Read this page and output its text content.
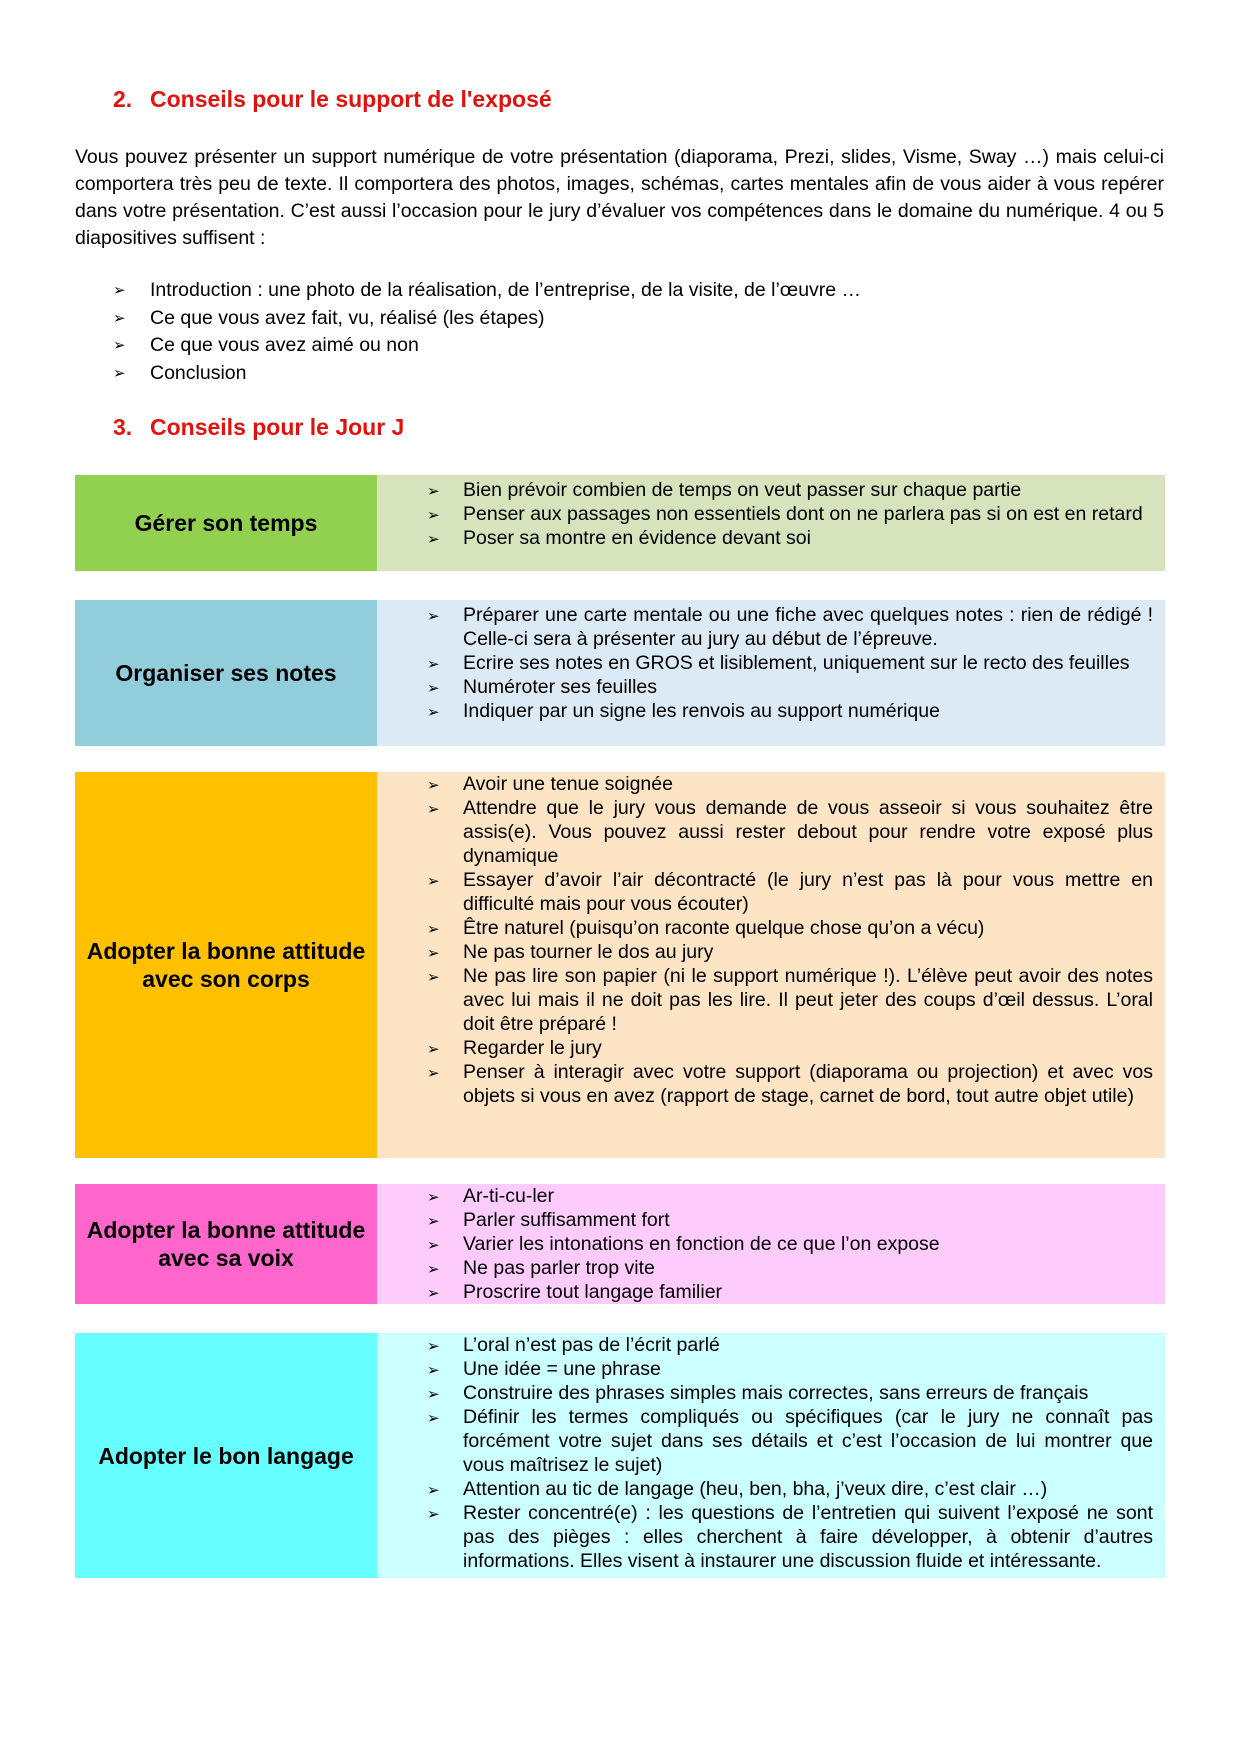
2. Conseils pour le support de l'exposé

Vous pouvez présenter un support numérique de votre présentation (diaporama, Prezi, slides, Visme, Sway …) mais celui-ci comportera très peu de texte. Il comportera des photos, images, schémas, cartes mentales afin de vous aider à vous repérer dans votre présentation. C’est aussi l’occasion pour le jury d’évaluer vos compétences dans le domaine du numérique. 4 ou 5 diapositives suffisent :

➢ Introduction : une photo de la réalisation, de l’entreprise, de la visite, de l’œuvre …
➢ Ce que vous avez fait, vu, réalisé (les étapes)
➢ Ce que vous avez aimé ou non
➢ Conclusion
3. Conseils pour le Jour J
Gérer son temps
➢ Bien prévoir combien de temps on veut passer sur chaque partie
➢ Penser aux passages non essentiels dont on ne parlera pas si on est en retard
➢ Poser sa montre en évidence devant soi
Organiser ses notes
➢ Préparer une carte mentale ou une fiche avec quelques notes : rien de rédigé ! Celle-ci sera à présenter au jury au début de l’épreuve.
➢ Ecrire ses notes en GROS et lisiblement, uniquement sur le recto des feuilles
➢ Numéroter ses feuilles
➢ Indiquer par un signe les renvois au support numérique
Adopter la bonne attitude avec son corps
➢ Avoir une tenue soignée
➢ Attendre que le jury vous demande de vous asseoir si vous souhaitez être assis(e). Vous pouvez aussi rester debout pour rendre votre exposé plus dynamique
➢ Essayer d’avoir l’air décontracté (le jury n’est pas là pour vous mettre en difficulté mais pour vous écouter)
➢ Être naturel (puisqu’on raconte quelque chose qu’on a vécu)
➢ Ne pas tourner le dos au jury
➢ Ne pas lire son papier (ni le support numérique !). L’élève peut avoir des notes avec lui mais il ne doit pas les lire. Il peut jeter des coups d’œil dessus. L’oral doit être préparé !
➢ Regarder le jury
➢ Penser à interagir avec votre support (diaporama ou projection) et avec vos objets si vous en avez (rapport de stage, carnet de bord, tout autre objet utile)
Adopter la bonne attitude avec sa voix
➢ Ar-ti-cu-ler
➢ Parler suffisamment fort
➢ Varier les intonations en fonction de ce que l’on expose
➢ Ne pas parler trop vite
➢ Proscrire tout langage familier
Adopter le bon langage
➢ L’oral n’est pas de l’écrit parlé
➢ Une idée = une phrase
➢ Construire des phrases simples mais correctes, sans erreurs de français
➢ Définir les termes compliqués ou spécifiques (car le jury ne connaît pas forcément votre sujet dans ses détails et c’est l’occasion de lui montrer que vous maîtrisez le sujet)
➢ Attention au tic de langage (heu, ben, bha, j’veux dire, c’est clair …)
➢ Rester concentré(e) : les questions de l’entretien qui suivent l’exposé ne sont pas des pièges : elles cherchent à faire développer, à obtenir d’autres informations. Elles visent à instaurer une discussion fluide et intéressante.
